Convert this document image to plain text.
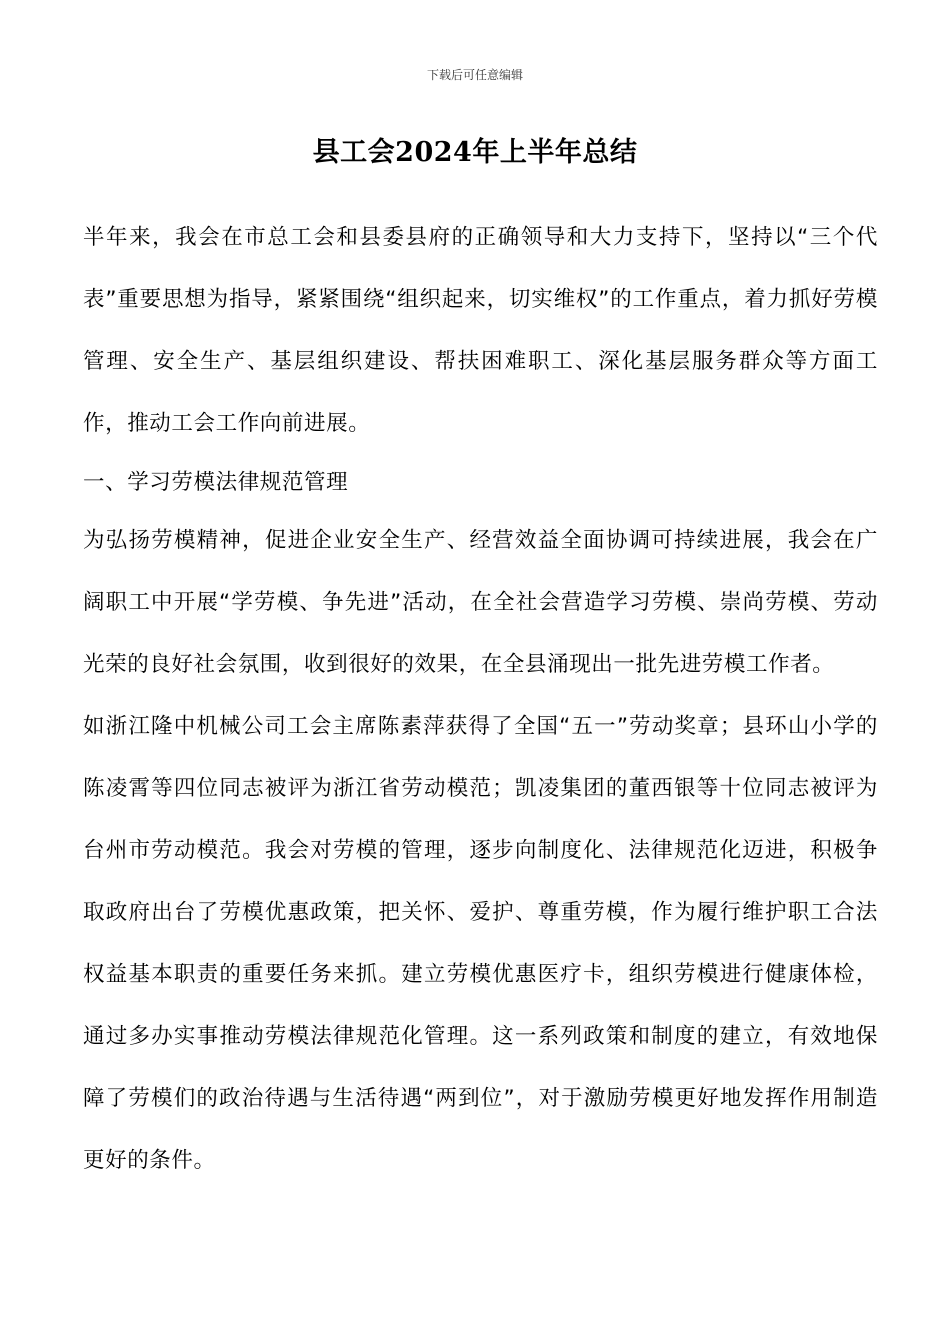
下载后可任意编辑
县工会2024年上半年总结

半年来，我会在市总工会和县委县府的正确领导和大力支持下，坚持以“三个代表”重要思想为指导，紧紧围绕“组织起来，切实维权”的工作重点，着力抓好劳模管理、安全生产、基层组织建设、帮扶困难职工、深化基层服务群众等方面工作，推动工会工作向前进展。

一、学习劳模法律规范管理

为弘扬劳模精神，促进企业安全生产、经营效益全面协调可持续进展，我会在广阔职工中开展“学劳模、争先进”活动，在全社会营造学习劳模、崇尚劳模、劳动光荣的良好社会氛围，收到很好的效果，在全县涌现出一批先进劳模工作者。

如浙江隆中机械公司工会主席陈素萍获得了全国“五一”劳动奖章；县环山小学的陈凌霄等四位同志被评为浙江省劳动模范；凯凌集团的董西银等十位同志被评为台州市劳动模范。我会对劳模的管理，逐步向制度化、法律规范化迈进，积极争取政府出台了劳模优惠政策，把关怀、爱护、尊重劳模，作为履行维护职工合法权益基本职责的重要任务来抓。建立劳模优惠医疗卡，组织劳模进行健康体检，通过多办实事推动劳模法律规范化管理。这一系列政策和制度的建立，有效地保障了劳模们的政治待遇与生活待遇“两到位”，对于激励劳模更好地发挥作用制造更好的条件。
